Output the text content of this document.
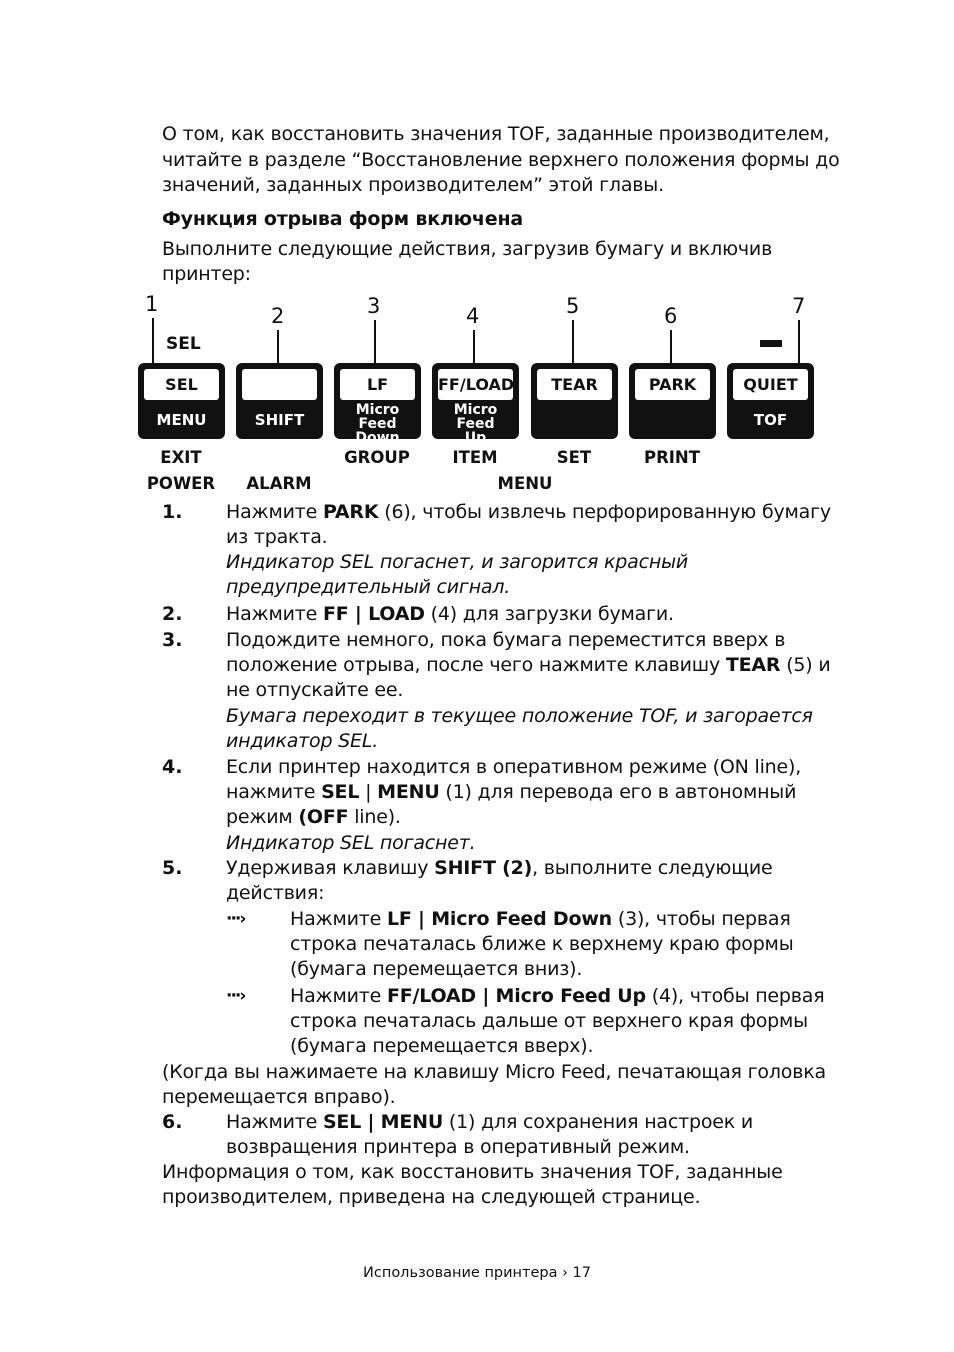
О том, как восстановить значения TOF, заданные производителем,
читайте в разделе “Восстановление верхнего положения формы до
значений, заданных производителем” этой главы.
Функция отрыва форм включена
Выполните следующие действия, загрузив бумагу и включив
принтер:
1	2	3	4	5	6	7
SEL
SEL
MENU	SHIFT
LF
Micro Feed
Down
FF/LOAD
Micro Feed
Up
TEAR	PARK	QUIET
TOF
EXIT	GROUP	ITEM	SET	PRINT
POWER	ALARM	MENU
1. Нажмите PARK (6), чтобы извлечь перфорированную бумагу
из тракта.
Индикатор SEL погаснет, и загорится красный
предупредительный сигнал.
2. Нажмите FF | LOAD (4) для загрузки бумаги.
3. Подождите немного, пока бумага переместится вверх в
положение отрыва, после чего нажмите клавишу TEAR (5) и
не отпускайте ее.
Бумага переходит в текущее положение TOF, и загорается
индикатор SEL.
4. Если принтер находится в оперативном режиме (ON line),
нажмите SEL | MENU (1) для перевода его в автономный
режим (OFF line).
Индикатор SEL погаснет.
5. Удерживая клавишу SHIFT (2), выполните следующие
действия:
···› Нажмите LF | Micro Feed Down (3), чтобы первая
строка печаталась ближе к верхнему краю формы
(бумага перемещается вниз).
···› Нажмите FF/LOAD | Micro Feed Up (4), чтобы первая
строка печаталась дальше от верхнего края формы
(бумага перемещается вверх).
(Когда вы нажимаете на клавишу Micro Feed, печатающая головка
перемещается вправо).
6. Нажмите SEL | MENU (1) для сохранения настроек и
возвращения принтера в оперативный режим.
Информация о том, как восстановить значения TOF, заданные
производителем, приведена на следующей странице.
Использование принтера › 17
